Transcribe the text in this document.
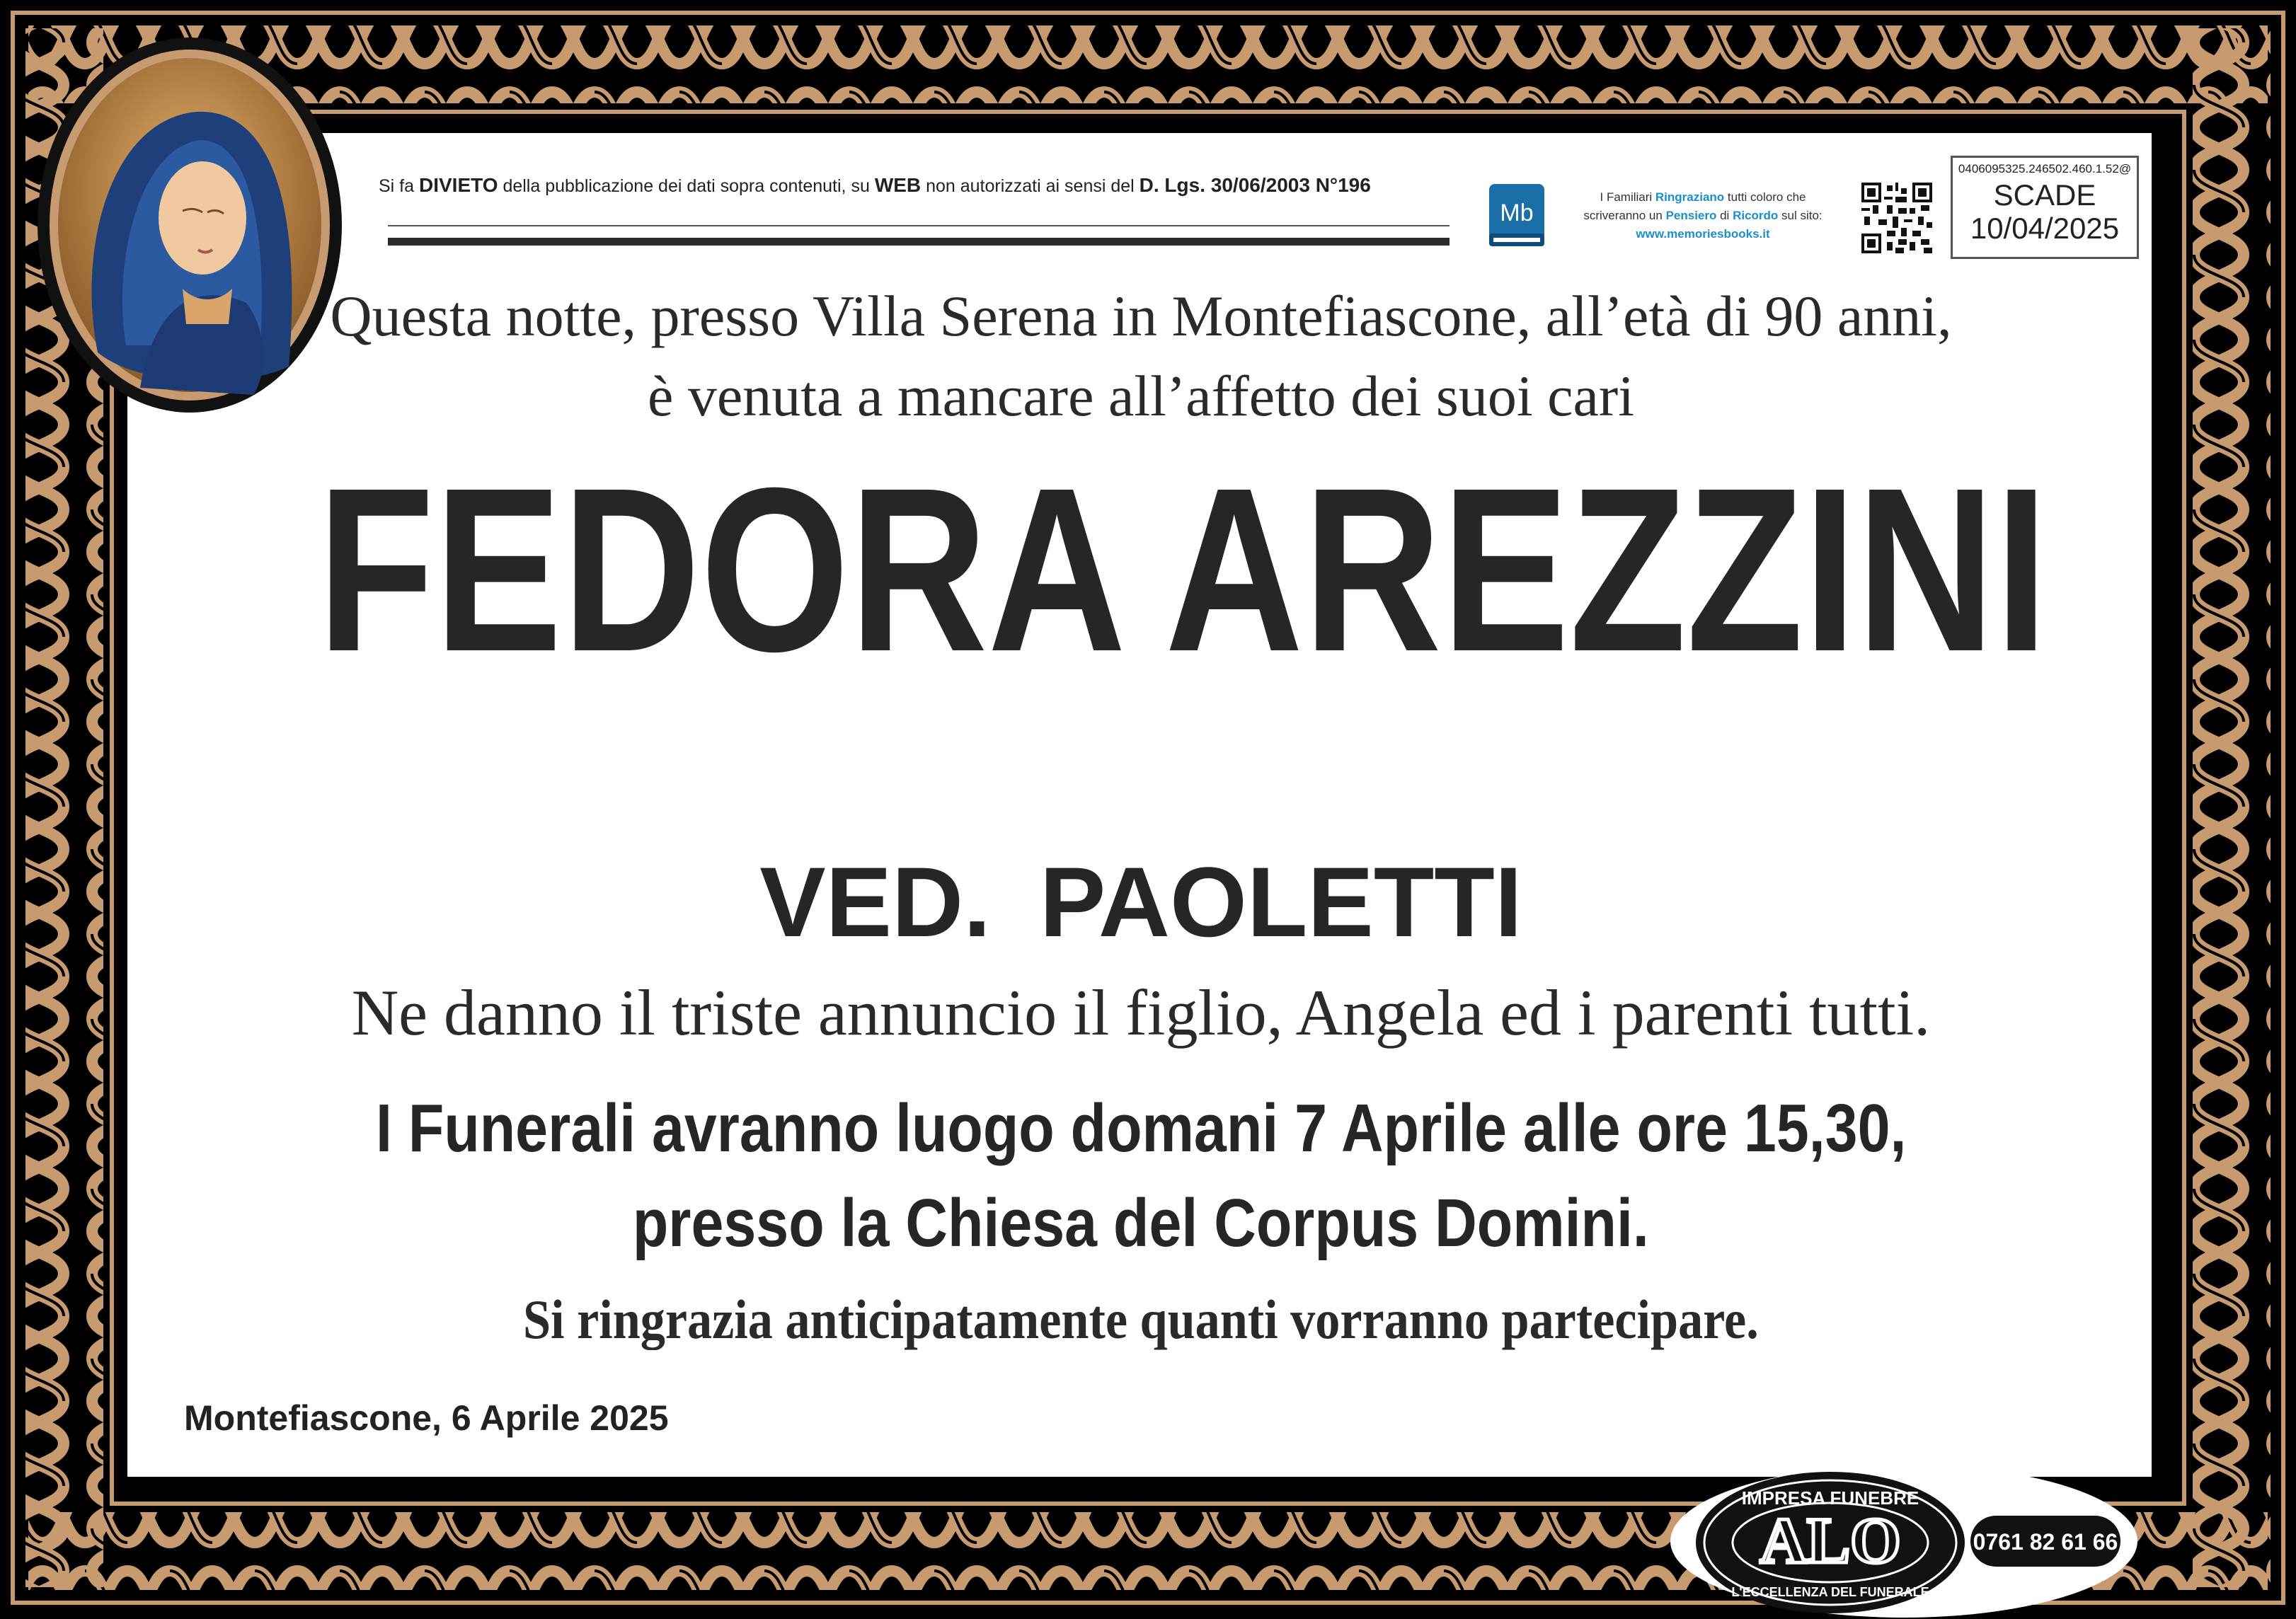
Si fa DIVIETO della pubblicazione dei dati sopra contenuti, su WEB non autorizzati ai sensi del D. Lgs. 30/06/2003 N°196
Mb
I Familiari Ringraziano tutti coloro che
scriveranno un Pensiero di Ricordo sul sito:
www.memoriesbooks.it
0406095325.246502.460.1.52@
SCADE
10/04/2025
Questa notte, presso Villa Serena in Montefiascone, all’età di 90 anni,
è venuta a mancare all’affetto dei suoi cari
FEDORA AREZZINI
VED. PAOLETTI
Ne danno il triste annuncio il figlio, Angela ed i parenti tutti.
I Funerali avranno luogo domani 7 Aprile alle ore 15,30,
presso la Chiesa del Corpus Domini.
Si ringrazia anticipatamente quanti vorranno partecipare.
Montefiascone, 6 Aprile 2025
IMPRESA FUNEBRE
ALO
L'ECCELLENZA DEL FUNERALE
0761 82 61 66
